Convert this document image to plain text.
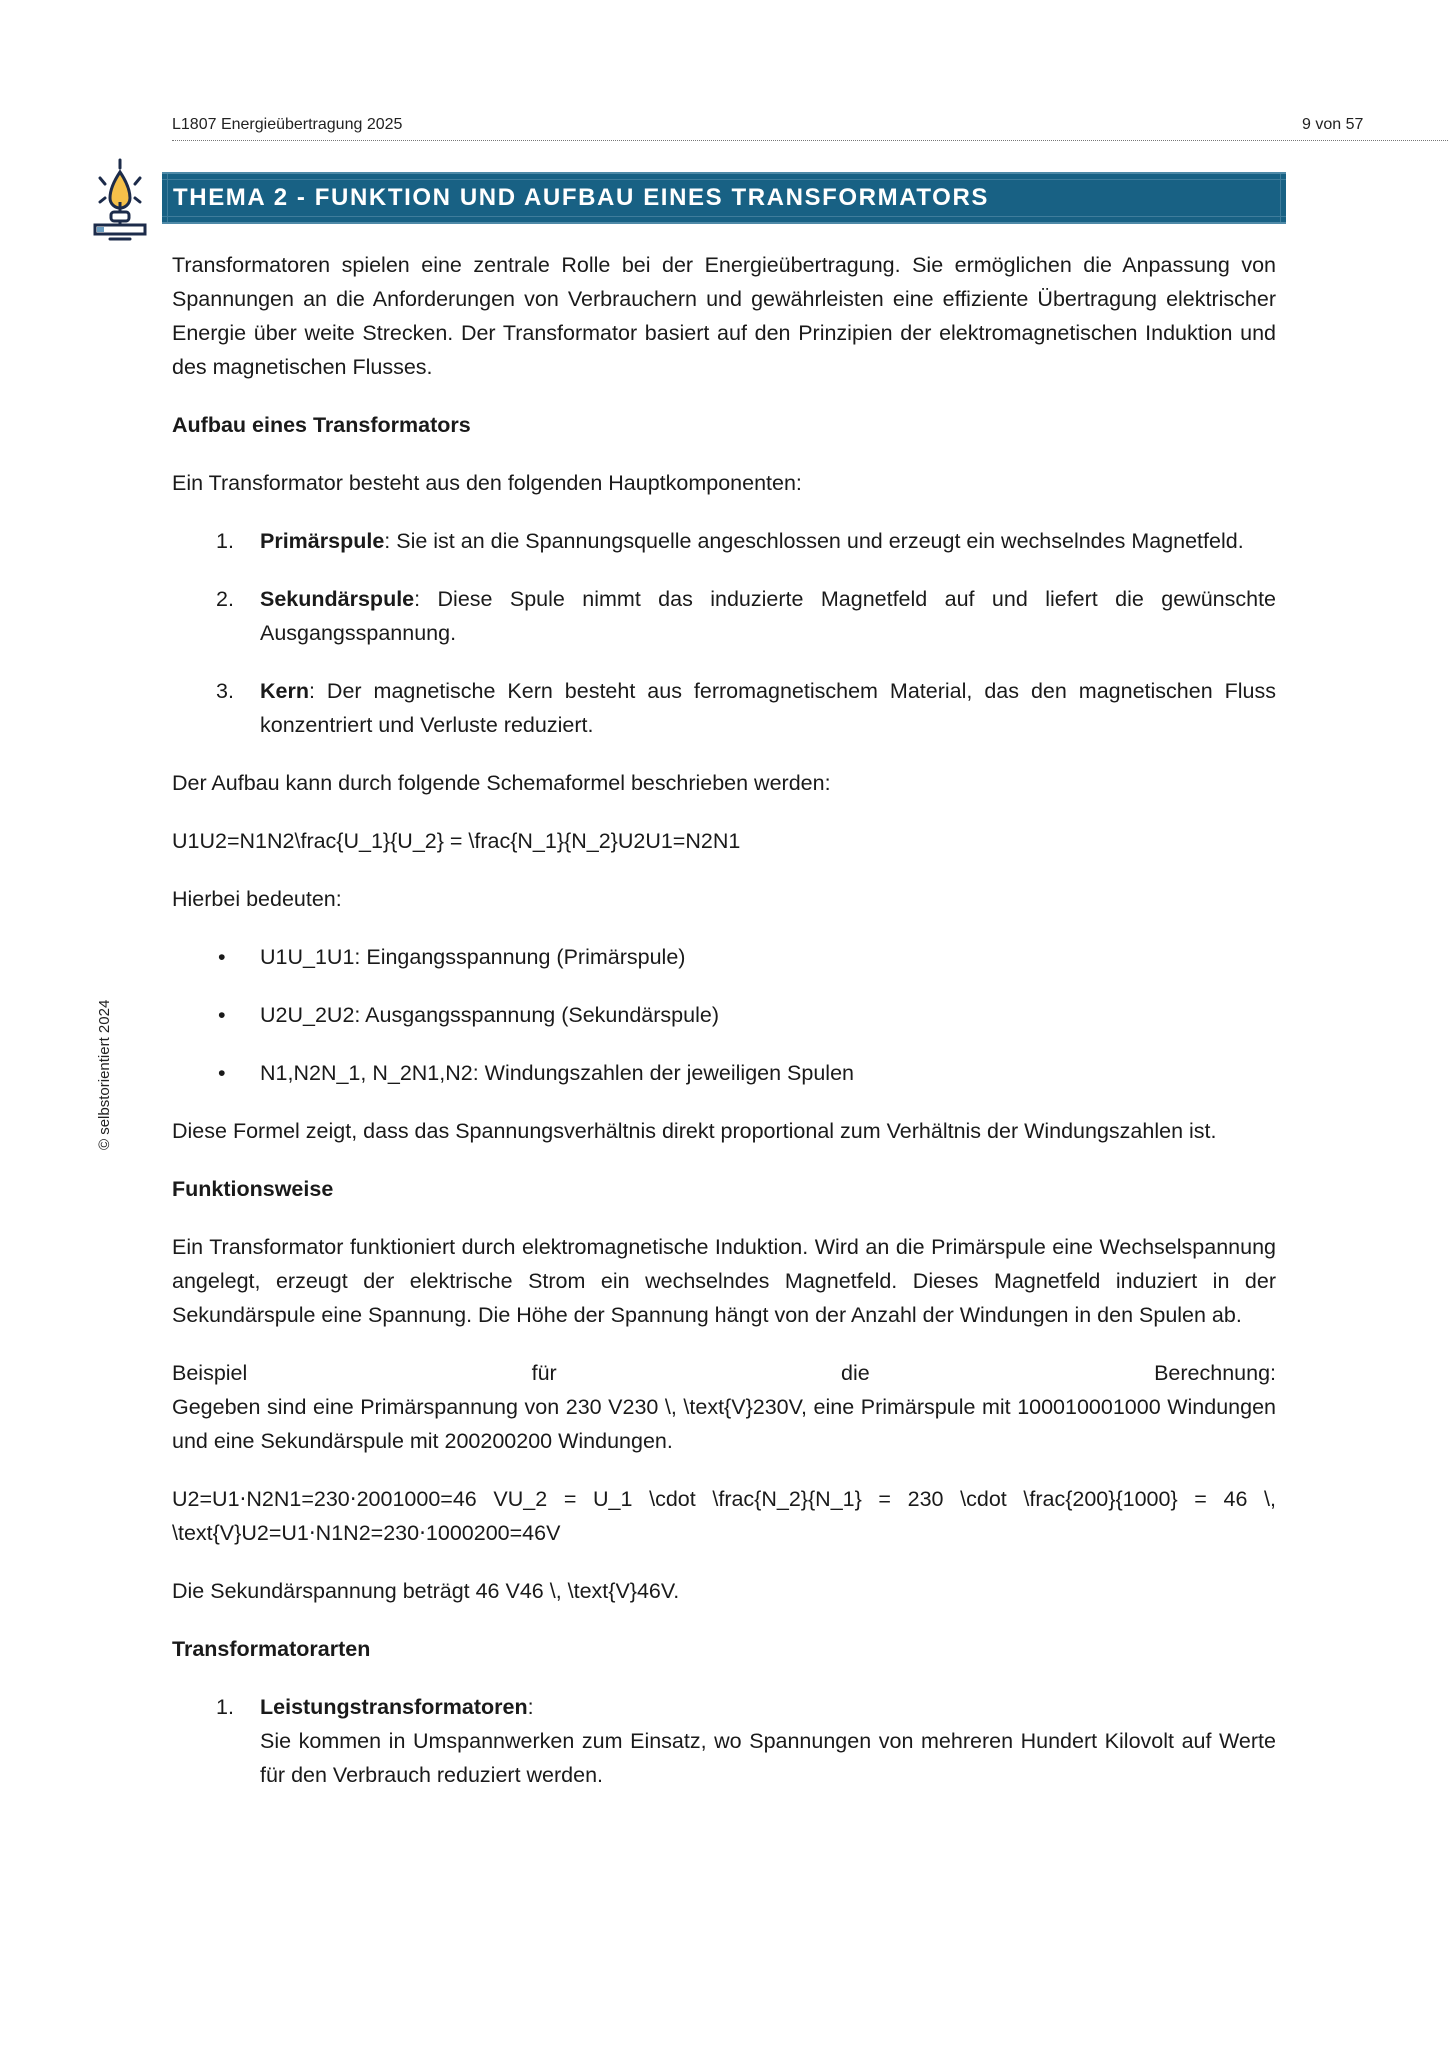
L1807 Energieübertragung 2025	9 von 57
© selbstorientiert 2024
THEMA 2 - FUNKTION UND AUFBAU EINES TRANSFORMATORS

Transformatoren spielen eine zentrale Rolle bei der Energieübertragung. Sie ermöglichen die Anpassung von Spannungen an die Anforderungen von Verbrauchern und gewährleisten eine effiziente Übertragung elektrischer Energie über weite Strecken. Der Transformator basiert auf den Prinzipien der elektromagnetischen Induktion und des magnetischen Flusses.

Aufbau eines Transformators

Ein Transformator besteht aus den folgenden Hauptkomponenten:

1. Primärspule: Sie ist an die Spannungsquelle angeschlossen und erzeugt ein wechselndes Magnetfeld.
2. Sekundärspule: Diese Spule nimmt das induzierte Magnetfeld auf und liefert die gewünschte Ausgangsspannung.
3. Kern: Der magnetische Kern besteht aus ferromagnetischem Material, das den magnetischen Fluss konzentriert und Verluste reduziert.

Der Aufbau kann durch folgende Schemaformel beschrieben werden:

U1U2=N1N2\frac{U_1}{U_2} = \frac{N_1}{N_2}U2U1=N2N1

Hierbei bedeuten:

• U1U_1U1: Eingangsspannung (Primärspule)
• U2U_2U2: Ausgangsspannung (Sekundärspule)
• N1,N2N_1, N_2N1,N2: Windungszahlen der jeweiligen Spulen

Diese Formel zeigt, dass das Spannungsverhältnis direkt proportional zum Verhältnis der Windungszahlen ist.

Funktionsweise

Ein Transformator funktioniert durch elektromagnetische Induktion. Wird an die Primärspule eine Wechselspannung angelegt, erzeugt der elektrische Strom ein wechselndes Magnetfeld. Dieses Magnetfeld induziert in der Sekundärspule eine Spannung. Die Höhe der Spannung hängt von der Anzahl der Windungen in den Spulen ab.

Beispiel für die Berechnung:
Gegeben sind eine Primärspannung von 230 V230 \, \text{V}230V, eine Primärspule mit 100010001000 Windungen und eine Sekundärspule mit 200200200 Windungen.

U2=U1⋅N2N1=230⋅2001000=46 VU_2 = U_1 \cdot \frac{N_2}{N_1} = 230 \cdot \frac{200}{1000} = 46 \, \text{V}U2=U1⋅N1N2=230⋅1000200=46V

Die Sekundärspannung beträgt 46 V46 \, \text{V}46V.

Transformatorarten
1. Leistungstransformatoren:
Sie kommen in Umspannwerken zum Einsatz, wo Spannungen von mehreren Hundert Kilovolt auf Werte für den Verbrauch reduziert werden.
